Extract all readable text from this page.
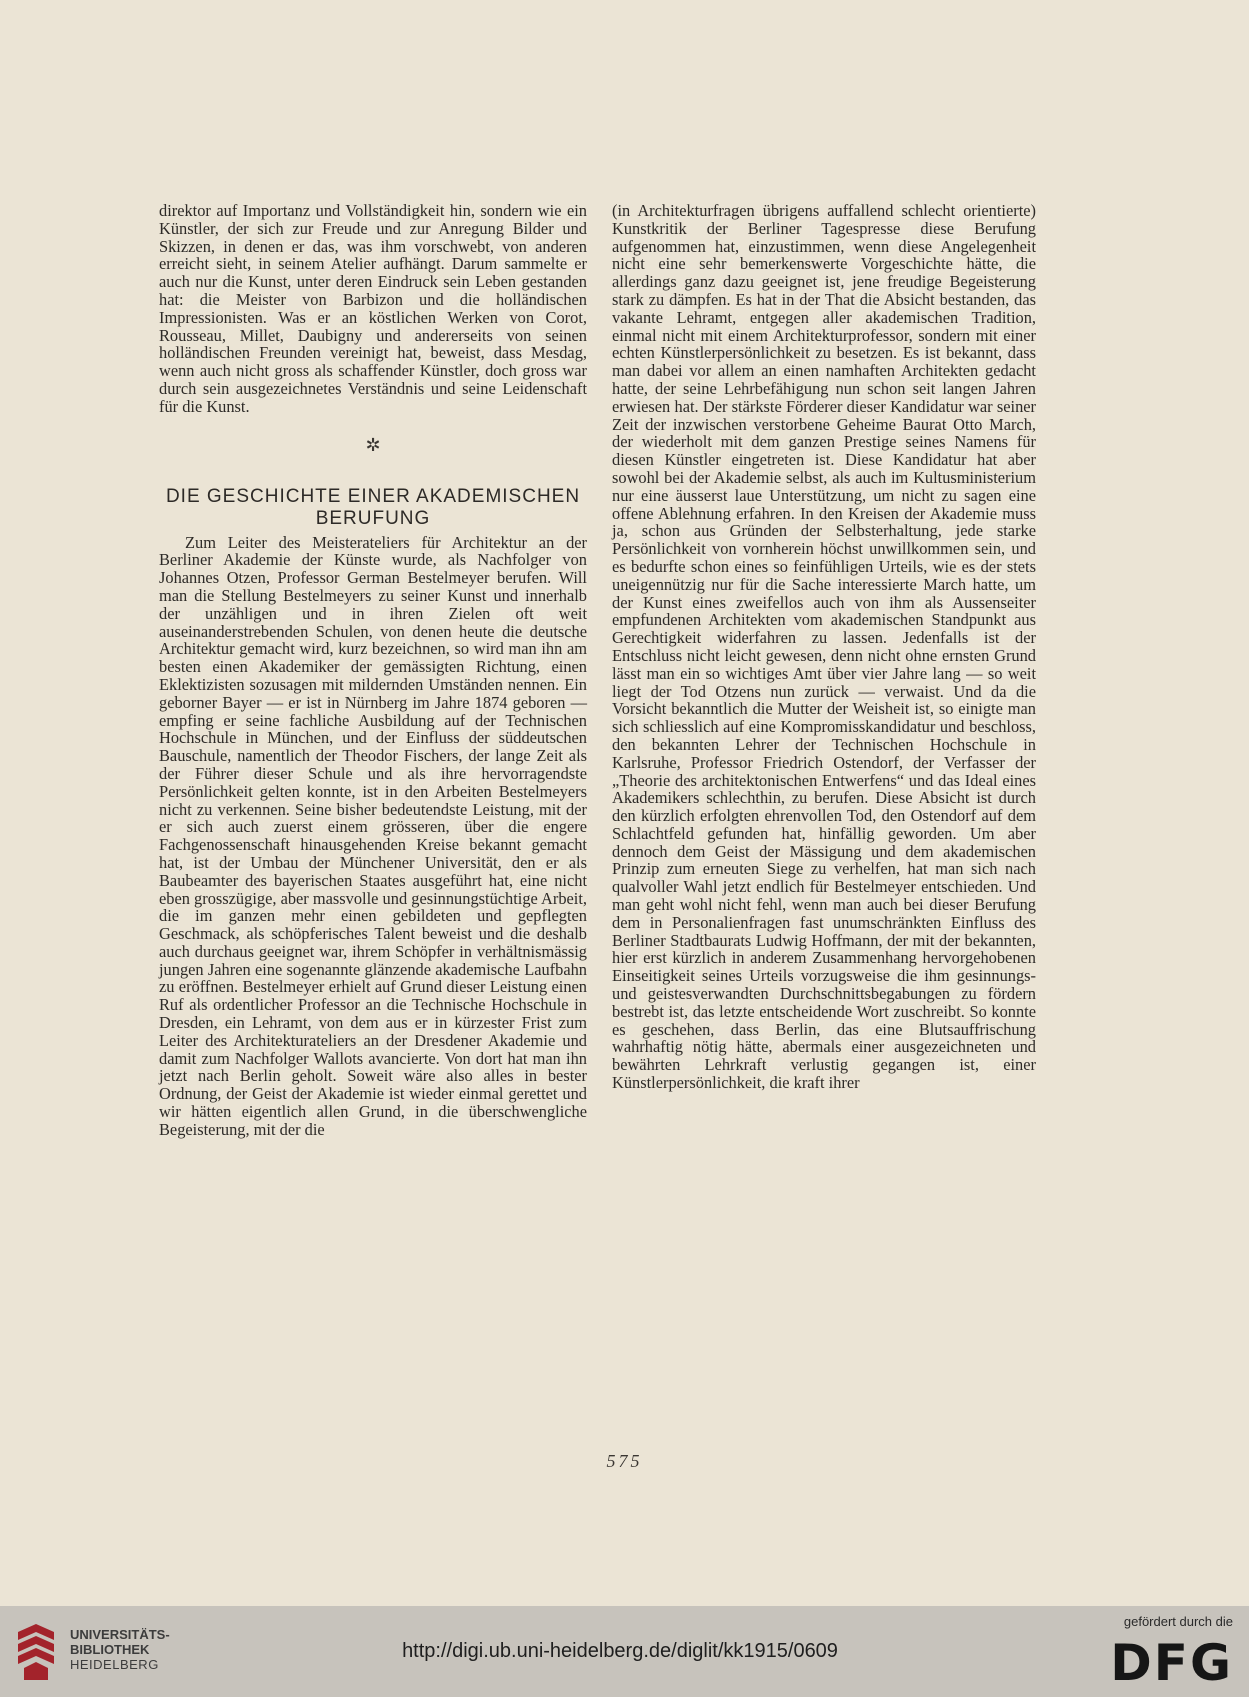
direktor auf Importanz und Vollständigkeit hin, sondern wie ein Künstler, der sich zur Freude und zur Anregung Bilder und Skizzen, in denen er das, was ihm vorschwebt, von anderen erreicht sieht, in seinem Atelier aufhängt. Darum sammelte er auch nur die Kunst, unter deren Eindruck sein Leben gestanden hat: die Meister von Barbizon und die holländischen Impressionisten. Was er an köstlichen Werken von Corot, Rousseau, Millet, Daubigny und andererseits von seinen holländischen Freunden vereinigt hat, beweist, dass Mesdag, wenn auch nicht gross als schaffender Künstler, doch gross war durch sein ausgezeichnetes Verständnis und seine Leidenschaft für die Kunst.

✲
DIE GESCHICHTE EINER AKADEMISCHEN BERUFUNG

Zum Leiter des Meisterateliers für Architektur an der Berliner Akademie der Künste wurde, als Nachfolger von Johannes Otzen, Professor German Bestelmeyer berufen. Will man die Stellung Bestelmeyers zu seiner Kunst und innerhalb der unzähligen und in ihren Zielen oft weit auseinanderstrebenden Schulen, von denen heute die deutsche Architektur gemacht wird, kurz bezeichnen, so wird man ihn am besten einen Akademiker der gemässigten Richtung, einen Eklektizisten sozusagen mit mildernden Umständen nennen. Ein geborner Bayer — er ist in Nürnberg im Jahre 1874 geboren — empfing er seine fachliche Ausbildung auf der Technischen Hochschule in München, und der Einfluss der süddeutschen Bauschule, namentlich der Theodor Fischers, der lange Zeit als der Führer dieser Schule und als ihre hervorragendste Persönlichkeit gelten konnte, ist in den Arbeiten Bestelmeyers nicht zu verkennen. Seine bisher bedeutendste Leistung, mit der er sich auch zuerst einem grösseren, über die engere Fachgenossenschaft hinausgehenden Kreise bekannt gemacht hat, ist der Umbau der Münchener Universität, den er als Baubeamter des bayerischen Staates ausgeführt hat, eine nicht eben grosszügige, aber massvolle und gesinnungstüchtige Arbeit, die im ganzen mehr einen gebildeten und gepflegten Geschmack, als schöpferisches Talent beweist und die deshalb auch durchaus geeignet war, ihrem Schöpfer in verhältnismässig jungen Jahren eine sogenannte glänzende akademische Laufbahn zu eröffnen. Bestelmeyer erhielt auf Grund dieser Leistung einen Ruf als ordentlicher Professor an die Technische Hochschule in Dresden, ein Lehramt, von dem aus er in kürzester Frist zum Leiter des Architekturateliers an der Dresdener Akademie und damit zum Nachfolger Wallots avancierte. Von dort hat man ihn jetzt nach Berlin geholt. Soweit wäre also alles in bester Ordnung, der Geist der Akademie ist wieder einmal gerettet und wir hätten eigentlich allen Grund, in die überschwengliche Begeisterung, mit der die

(in Architekturfragen übrigens auffallend schlecht orientierte) Kunstkritik der Berliner Tagespresse diese Berufung aufgenommen hat, einzustimmen, wenn diese Angelegenheit nicht eine sehr bemerkenswerte Vorgeschichte hätte, die allerdings ganz dazu geeignet ist, jene freudige Begeisterung stark zu dämpfen. Es hat in der That die Absicht bestanden, das vakante Lehramt, entgegen aller akademischen Tradition, einmal nicht mit einem Architekturprofessor, sondern mit einer echten Künstlerpersönlichkeit zu besetzen. Es ist bekannt, dass man dabei vor allem an einen namhaften Architekten gedacht hatte, der seine Lehrbefähigung nun schon seit langen Jahren erwiesen hat. Der stärkste Förderer dieser Kandidatur war seiner Zeit der inzwischen verstorbene Geheime Baurat Otto March, der wiederholt mit dem ganzen Prestige seines Namens für diesen Künstler eingetreten ist. Diese Kandidatur hat aber sowohl bei der Akademie selbst, als auch im Kultusministerium nur eine äusserst laue Unterstützung, um nicht zu sagen eine offene Ablehnung erfahren. In den Kreisen der Akademie muss ja, schon aus Gründen der Selbsterhaltung, jede starke Persönlichkeit von vornherein höchst unwillkommen sein, und es bedurfte schon eines so feinfühligen Urteils, wie es der stets uneigennützig nur für die Sache interessierte March hatte, um der Kunst eines zweifellos auch von ihm als Aussenseiter empfundenen Architekten vom akademischen Standpunkt aus Gerechtigkeit widerfahren zu lassen. Jedenfalls ist der Entschluss nicht leicht gewesen, denn nicht ohne ernsten Grund lässt man ein so wichtiges Amt über vier Jahre lang — so weit liegt der Tod Otzens nun zurück — verwaist. Und da die Vorsicht bekanntlich die Mutter der Weisheit ist, so einigte man sich schliesslich auf eine Kompromisskandidatur und beschloss, den bekannten Lehrer der Technischen Hochschule in Karlsruhe, Professor Friedrich Ostendorf, der Verfasser der „Theorie des architektonischen Entwerfens“ und das Ideal eines Akademikers schlechthin, zu berufen. Diese Absicht ist durch den kürzlich erfolgten ehrenvollen Tod, den Ostendorf auf dem Schlachtfeld gefunden hat, hinfällig geworden. Um aber dennoch dem Geist der Mässigung und dem akademischen Prinzip zum erneuten Siege zu verhelfen, hat man sich nach qualvoller Wahl jetzt endlich für Bestelmeyer entschieden. Und man geht wohl nicht fehl, wenn man auch bei dieser Berufung dem in Personalienfragen fast unumschränkten Einfluss des Berliner Stadtbaurats Ludwig Hoffmann, der mit der bekannten, hier erst kürzlich in anderem Zusammenhang hervorgehobenen Einseitigkeit seines Urteils vorzugsweise die ihm gesinnungs- und geistesverwandten Durchschnittsbegabungen zu fördern bestrebt ist, das letzte entscheidende Wort zuschreibt. So konnte es geschehen, dass Berlin, das eine Blutsauffrischung wahrhaftig nötig hätte, abermals einer ausgezeichneten und bewährten Lehrkraft verlustig gegangen ist, einer Künstlerpersönlichkeit, die kraft ihrer

575
UNIVERSITÄTS-
BIBLIOTHEK
HEIDELBERG
http://digi.ub.uni-heidelberg.de/diglit/kk1915/0609
gefördert durch die
DFG
